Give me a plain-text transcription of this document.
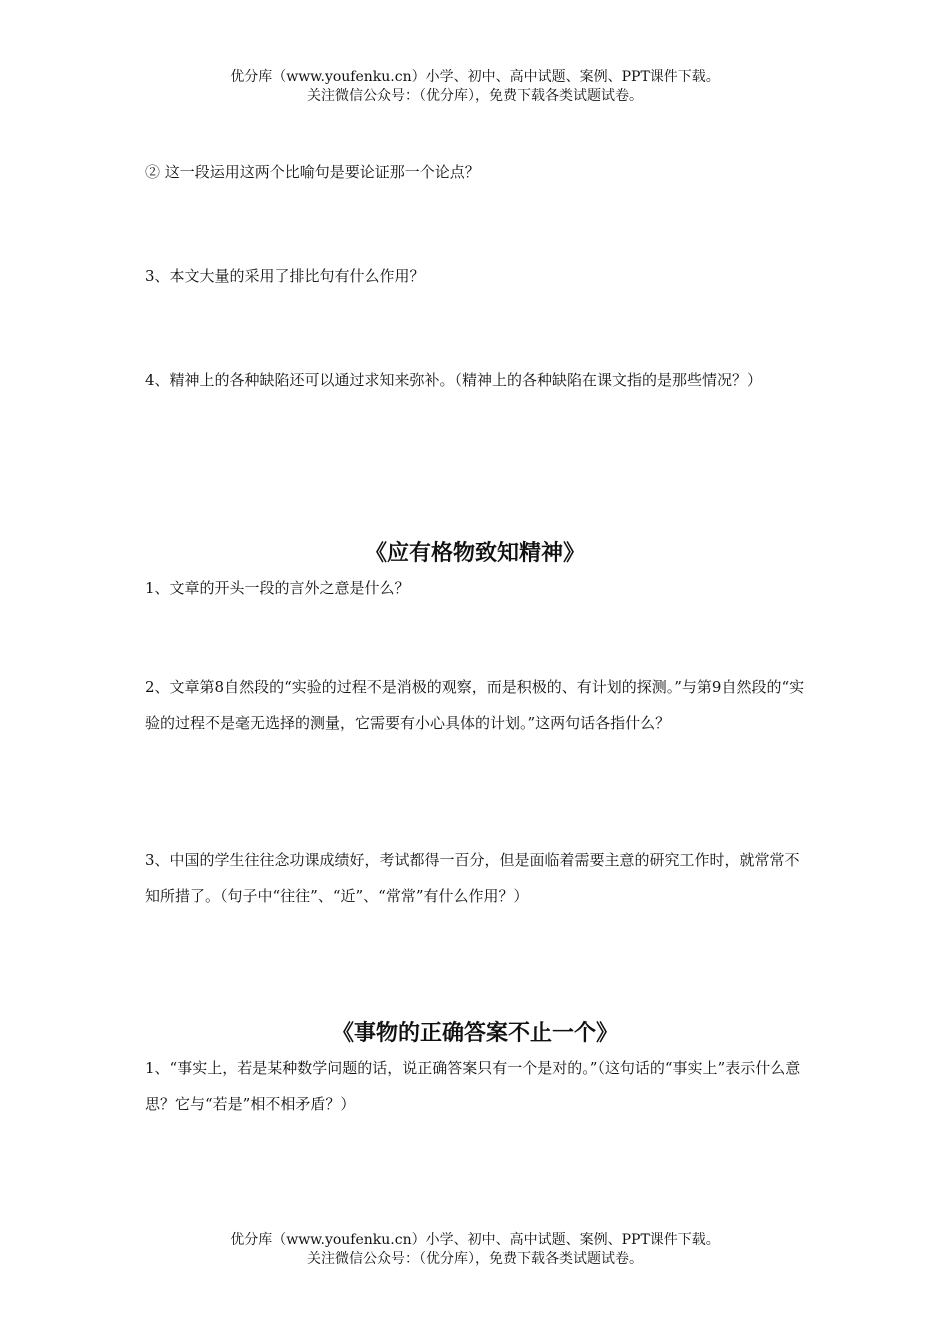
优分库（www.youfenku.cn）小学、初中、高中试题、案例、PPT课件下载。
关注微信公众号：（优分库），免费下载各类试题试卷。

② 这一段运用这两个比喻句是要论证那一个论点？

3、本文大量的采用了排比句有什么作用？

4、精神上的各种缺陷还可以通过求知来弥补。（精神上的各种缺陷在课文指的是那些情况？）

《应有格物致知精神》

1、文章的开头一段的言外之意是什么？

2、文章第8自然段的“实验的过程不是消极的观察，而是积极的、有计划的探测。”与第9自然段的“实验的过程不是毫无选择的测量，它需要有小心具体的计划。”这两句话各指什么？

3、中国的学生往往念功课成绩好，考试都得一百分，但是面临着需要主意的研究工作时，就常常不知所措了。（句子中“往往”、“近”、“常常”有什么作用？）

《事物的正确答案不止一个》

1、“事实上，若是某种数学问题的话，说正确答案只有一个是对的。”（这句话的“事实上”表示什么意思？它与“若是”相不相矛盾？）

优分库（www.youfenku.cn）小学、初中、高中试题、案例、PPT课件下载。
关注微信公众号：（优分库），免费下载各类试题试卷。
